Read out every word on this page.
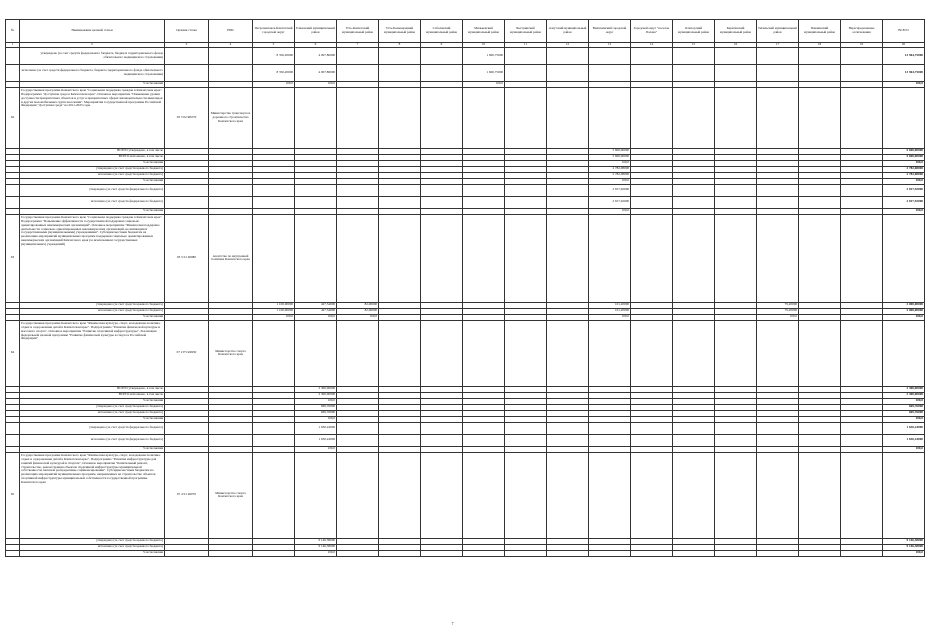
№	Наименование целевой статьи	Целевая статья	ГРБС	Петропавловск-Камчатский городской округ	Елизовский муниципальный район	Усть-Камчатский муниципальный район	Усть-Большерецкий муниципальный район	Соболевский муниципальный район	Мильковский муниципальный район	Быстринский муниципальный район	Алеутский муниципальный район	Вилючинский городской округ	Городской округ "поселок Палана"	Олюторский муниципальный район	Карагинский муниципальный район	Тигильский муниципальный район	Пенжинский муниципальный район	Нераспределенные ассигнования	ВСЕГО
1	2	3	4	5	6	7	8	9	10	11	12	13	14	15	16	17	18	19	20
	утверждено (за счет средств федерального бюджета, бюджета территориального фонда обязательного медицинского страхования)			8 356,20000	4 007,80000				1 600,75000										13 964,75000
	исполнено (за счет средств федерального бюджета, бюджета территориального фонда обязательного медицинского страхования)			8 356,20000	4 007,80000				1 600,75000										13 964,75000
	% исполнения			100,0	100,0				100,0										100,0
62	Государственная программа Камчатского края "Социальная поддержка граждан в Камчатском крае". Подпрограмма "Доступная среда в Камчатском крае". Основное мероприятие "Повышение уровня доступности приоритетных объектов и услуг в приоритетных сферах жизнедеятельности инвалидов и других маломобильных групп населения". Мероприятия государственной программы Российской Федерации "Доступная среда" на 2011-2025 годы	03 3 02 R0270	Министерство транспорта и дорожного строительства Камчатского края																
	ВСЕГО утверждено, в том числе											5 600,00000							5 600,00000
	ВСЕГО исполнено, в том числе											5 600,00000							5 600,00000
	% исполнения											100,0							100,0
	утверждено (за счет средств краевого бюджета)											2 782,08000							2 782,08000
	исполнено (за счет средств краевого бюджета)											2 782,08000							2 782,08000
	% исполнения											100,0							100,0
	утверждено (за счет средств федерального бюджета)											2 817,92000							2 817,92000
	исполнено (за счет средств федерального бюджета)											2 817,92000							2 817,92000
	% исполнения											100,0							100,0
63	Государственная программа Камчатского края "Социальная поддержка граждан в Камчатском крае". Подпрограмма "Повышение эффективности государственной поддержки социально ориентированных некоммерческих организаций". Основное мероприятие "Финансовая поддержка деятельности социально ориентированных некоммерческих организаций, не являющихся государственными (муниципальными) учреждениями". Субсидии местным бюджетам на реализацию мероприятий муниципальных программ поддержки социально ориентированных некоммерческих организаций Камчатского края (за исключением государственных (муниципальных) учреждений)	03 5 01 40080	Агентство по внутренней политике Камчатского края																
	утверждено (за счет средств краевого бюджета)			1 100,00000	427,54000	82,06000						101,20000				79,20000			2 000,00000
	исполнено (за счет средств краевого бюджета)			1 100,00000	427,54000	82,06000						101,20000				79,20000			2 000,00000
	% исполнения			100,0	100,0	100,0						100,0				100,0			100,0
64	Государственная программа Камчатского края "Физическая культура, спорт, молодежная политика, отдых и оздоровление детей в Камчатском крае". Подпрограмма "Развитие физической культуры и массового спорта". Основное мероприятие "Развитие спортивной инфраструктуры". Реализация федеральной целевой программы "Развитие физической культуры и спорта в Российской Федерации"	07 2 P5 R4950	Министерство спорта Камчатского края																
	ВСЕГО утверждено, в том числе				2 300,00000														2 300,00000
	ВСЕГО исполнено, в том числе				2 300,00000														2 300,00000
	% исполнения				100,0														100,0
	утверждено (за счет средств краевого бюджета)				669,76000														669,76000
	исполнено (за счет средств краевого бюджета)				669,76000														669,76000
	% исполнения				100,0														100,0
	утверждено (за счет средств федерального бюджета)				1 630,24000														1 630,24000
	исполнено (за счет средств федерального бюджета)				1 630,24000														1 630,24000
	% исполнения				100,0														100,0
65	Государственная программа Камчатского края "Физическая культура, спорт, молодежная политика, отдых и оздоровление детей в Камчатском крае". Подпрограмма "Развитие инфраструктуры для занятий физической культурой и спортом". Основное мероприятие "Капитальный ремонт, строительство, реконструкция объектов спортивной инфраструктуры муниципальной собственности, включая распределение софинансирования". Субсидии местным бюджетам на реализацию мероприятий муниципальных программ, направленных на строительство объектов спортивной инфраструктуры муниципальной собственности государственной программы Камчатского края	07 4 01 40070	Министерство спорта Камчатского края																
	утверждено (за счет средств краевого бюджета)				9 146,38000														9 146,38000
	исполнено (за счет средств краевого бюджета)				9 146,38000														9 146,38000
	% исполнения				100,0														100,0
7
